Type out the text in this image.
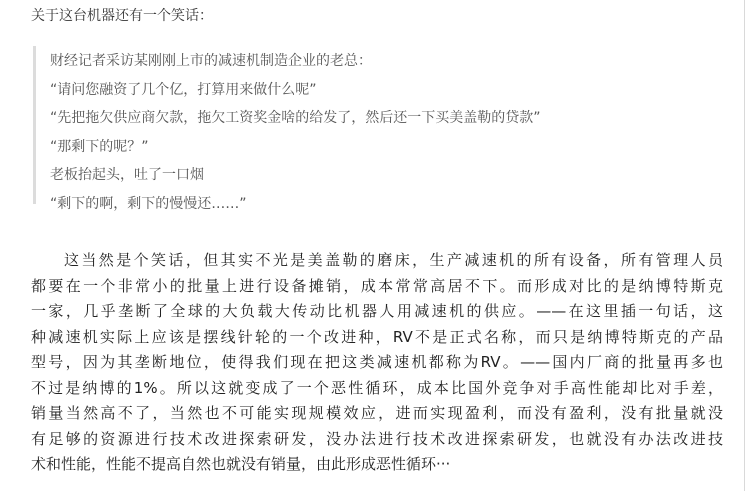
关于这台机器还有一个笑话：
财经记者采访某刚刚上市的减速机制造企业的老总：
“请问您融资了几个亿，打算用来做什么呢”
“先把拖欠供应商欠款，拖欠工资奖金啥的给发了，然后还一下买美盖勒的贷款”
“那剩下的呢？”
老板抬起头，吐了一口烟
“剩下的啊，剩下的慢慢还……”
这当然是个笑话，但其实不光是美盖勒的磨床，生产减速机的所有设备，所有管理人员
都要在一个非常小的批量上进行设备摊销，成本常常高居不下。而形成对比的是纳博特斯克
一家，几乎垄断了全球的大负载大传动比机器人用减速机的供应。——在这里插一句话，这
种减速机实际上应该是摆线针轮的一个改进种，RV不是正式名称，而只是纳博特斯克的产品
型号，因为其垄断地位，使得我们现在把这类减速机都称为RV。——国内厂商的批量再多也
不过是纳博的1%。所以这就变成了一个恶性循环，成本比国外竞争对手高性能却比对手差，
销量当然高不了，当然也不可能实现规模效应，进而实现盈利，而没有盈利，没有批量就没
有足够的资源进行技术改进探索研发，没办法进行技术改进探索研发，也就没有办法改进技
术和性能，性能不提高自然也就没有销量，由此形成恶性循环···
